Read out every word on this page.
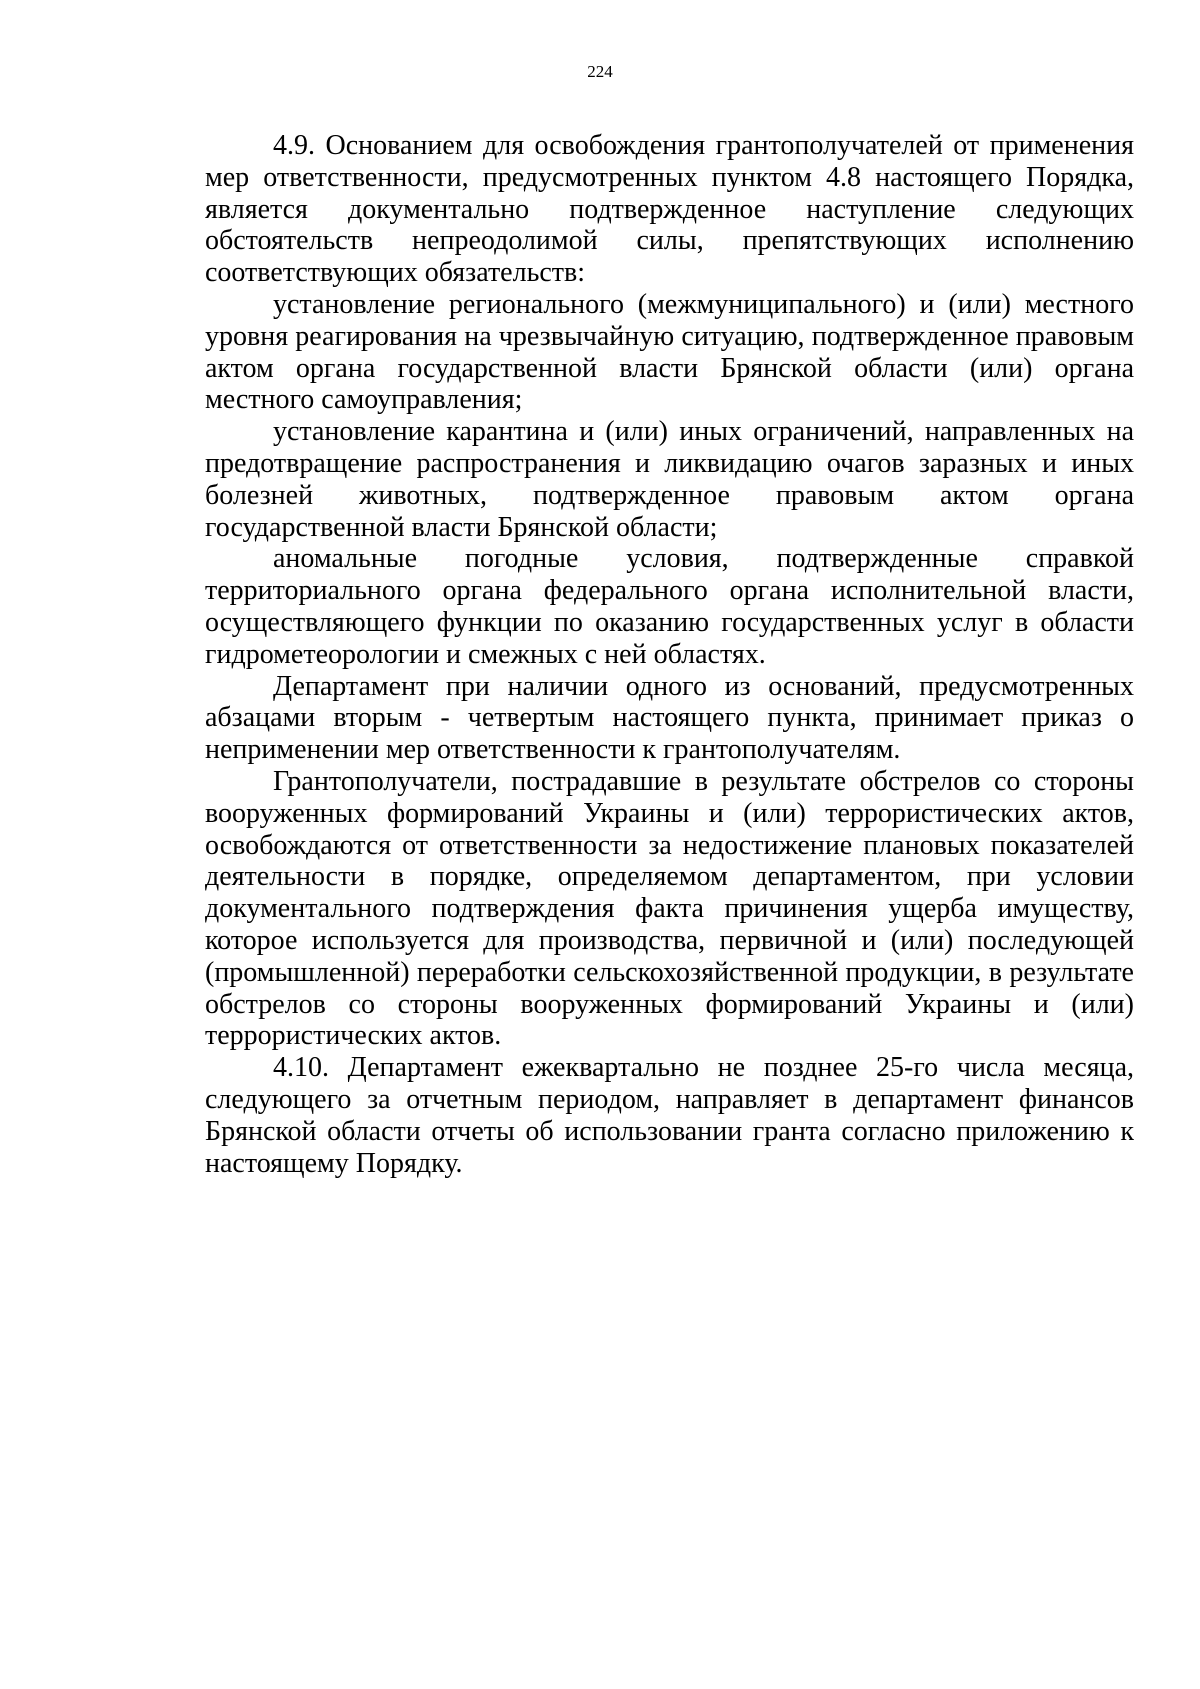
224

4.9. Основанием для освобождения грантополучателей от применения мер ответственности, предусмотренных пунктом 4.8 настоящего Порядка, является документально подтвержденное наступление следующих обстоятельств непреодолимой силы, препятствующих исполнению соответствующих обязательств:

установление регионального (межмуниципального) и (или) местного уровня реагирования на чрезвычайную ситуацию, подтвержденное правовым актом органа государственной власти Брянской области (или) органа местного самоуправления;

установление карантина и (или) иных ограничений, направленных на предотвращение распространения и ликвидацию очагов заразных и иных болезней животных, подтвержденное правовым актом органа государственной власти Брянской области;

аномальные погодные условия, подтвержденные справкой территориального органа федерального органа исполнительной власти, осуществляющего функции по оказанию государственных услуг в области гидрометеорологии и смежных с ней областях.

Департамент при наличии одного из оснований, предусмотренных абзацами вторым - четвертым настоящего пункта, принимает приказ о неприменении мер ответственности к грантополучателям.

Грантополучатели, пострадавшие в результате обстрелов со стороны вооруженных формирований Украины и (или) террористических актов, освобождаются от ответственности за недостижение плановых показателей деятельности в порядке, определяемом департаментом, при условии документального подтверждения факта причинения ущерба имуществу, которое используется для производства, первичной и (или) последующей (промышленной) переработки сельскохозяйственной продукции, в результате обстрелов со стороны вооруженных формирований Украины и (или) террористических актов.

4.10. Департамент ежеквартально не позднее 25-го числа месяца, следующего за отчетным периодом, направляет в департамент финансов Брянской области отчеты об использовании гранта согласно приложению к настоящему Порядку.
